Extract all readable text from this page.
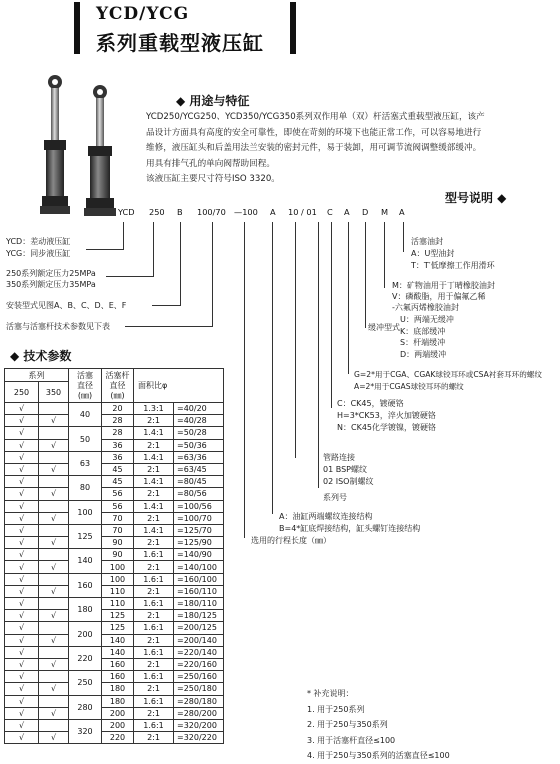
YCD/YCG
系列重载型液压缸
◆ 用途与特征
YCD250/YCG250、YCD350/YCG350系列双作用单（双）杆活塞式重载型液压缸，该产
品设计方面具有高度的安全可靠性，即使在苛刻的环境下也能正常工作，可以容易地进行
维修，液压缸头和后盖用法兰安装的密封元件，易于装卸，用可调节流阀调整缓部缓冲。
用具有排气孔的单向阀帮助回程。
该液压缸主要尺寸符号ISO 3320。
型号说明 ◆
YCD 250 B 100/70 —100 A 10 / 01 C A D M A
YCD：差动液压缸
YCG：同步液压缸
250系列额定压力25MPa
350系列额定压力35MPa
安装型式见图A、B、C、D、E、F
活塞与活塞杆技术参数见下表
活塞油封
A：U型油封
T：T′低摩擦工作用滑环
M：矿物油用于丁晴橡胶油封
V：磷酸脂，用于偏氟乙稀
-六氟丙烯橡胶油封
缓冲型式
U：两端无缓冲
K：底部缓冲
S：杆端缓冲
D：两端缓冲
G=2*用于CGA、CGAK球铰耳环或CSA衬套耳环的螺纹
A=2*用于CGAS球铰耳环的螺纹
C：CK45，镀硬铬
H=3*CK53，淬火加镀硬铬
N：CK45化学镀镍，镀硬铬
管路连接
01 BSP螺纹
02 ISO制螺纹
系列号
A：油缸两端螺纹连接结构
B=4*缸底焊接结构，缸头螺钉连接结构
选用的行程长度（㎜）
◆ 技术参数
系列		活塞
直径
(㎜)	活塞杆
直径
(㎜)	面积比φ	
250	350				
√		40	20	1.3:1	=40/20
√	√		28	2:1	=40/28
√		50	28	1.4:1	=50/28
√	√		36	2:1	=50/36
√		63	36	1.4:1	=63/36
√	√		45	2:1	=63/45
√		80	45	1.4:1	=80/45
√	√		56	2:1	=80/56
√		100	56	1.4:1	=100/56
√	√		70	2:1	=100/70
√		125	70	1.4:1	=125/70
√	√		90	2:1	=125/90
√		140	90	1.6:1	=140/90
√	√		100	2:1	=140/100
√		160	100	1.6:1	=160/100
√	√		110	2:1	=160/110
√		180	110	1.6:1	=180/110
√	√		125	2:1	=180/125
√		200	125	1.6:1	=200/125
√	√		140	2:1	=200/140
√		220	140	1.6:1	=220/140
√	√		160	2:1	=220/160
√		250	160	1.6:1	=250/160
√	√		180	2:1	=250/180
√		280	180	1.6:1	=280/180
√	√		200	2:1	=280/200
√		320	200	1.6:1	=320/200
√	√		220	2:1	=320/220
* 补充说明：
1. 用于250系列
2. 用于250与350系列
3. 用于活塞杆直径≤100
4. 用于250与350系列的活塞直径≤100
